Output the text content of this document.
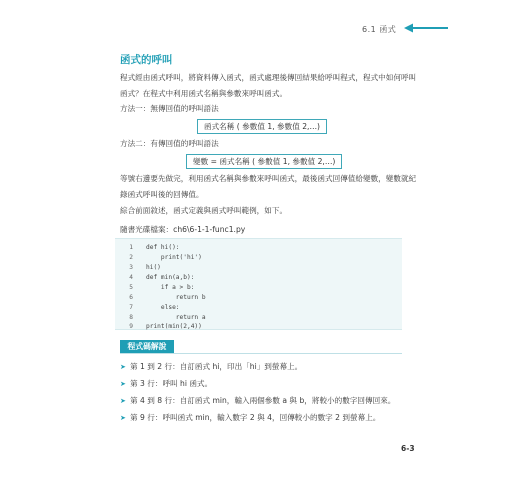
6.1 函式
函式的呼叫
程式經由函式呼叫，將資料傳入函式，函式處理後傳回結果給呼叫程式，程式中如何呼叫函式？在程式中利用函式名稱與參數來呼叫函式。
方法一：無傳回值的呼叫語法
函式名稱 ( 參數值 1, 參數值 2,…)
方法二：有傳回值的呼叫語法
變數 = 函式名稱 ( 參數值 1, 參數值 2,…)
等號右邊要先做完，利用函式名稱與參數來呼叫函式，最後函式回傳值給變數，變數就紀錄函式呼叫後的回傳值。
綜合前面敘述，函式定義與函式呼叫範例，如下。
隨書光碟檔案：ch6\6-1-1-func1.py
1 def hi():
2 print('hi')
3 hi()
4 def min(a,b):
5 if a > b:
6 return b
7 else:
8 return a
9 print(min(2,4))
程式碼解說
➤ 第 1 到 2 行：自訂函式 hi，印出「hi」到螢幕上。
➤ 第 3 行：呼叫 hi 函式。
➤ 第 4 到 8 行：自訂函式 min，輸入兩個參數 a 與 b，將較小的數字回傳回來。
➤ 第 9 行：呼叫函式 min，輸入數字 2 與 4，回傳較小的數字 2 到螢幕上。
6-3
